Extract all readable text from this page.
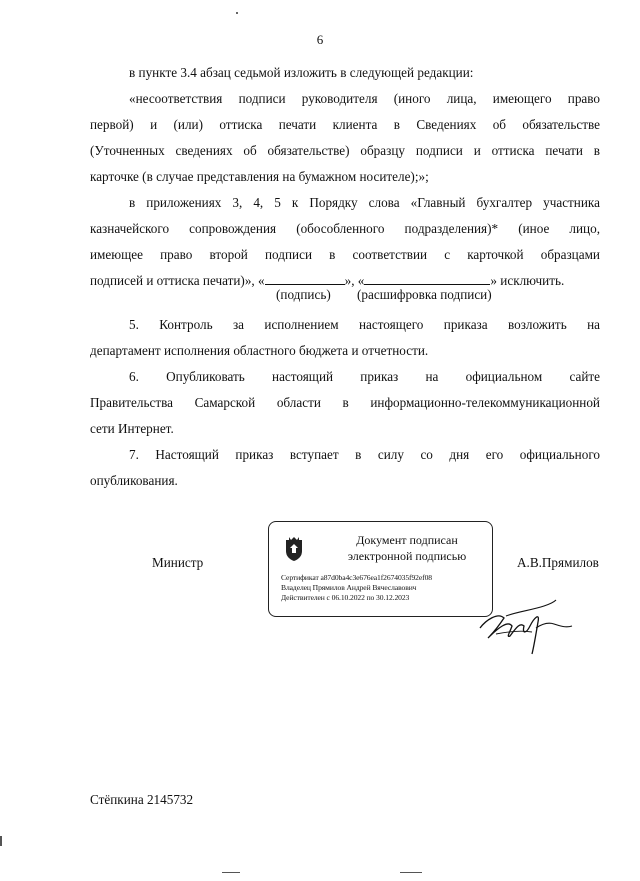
6
в пункте 3.4 абзац седьмой изложить в следующей редакции:
«несоответствия подписи руководителя (иного лица, имеющего право
первой) и (или) оттиска печати клиента в Сведениях об обязательстве
(Уточненных сведениях об обязательстве) образцу подписи и оттиска печати в
карточке (в случае представления на бумажном носителе);»;
в приложениях 3, 4, 5 к Порядку слова «Главный бухгалтер участника
казначейского сопровождения (обособленного подразделения)* (иное лицо,
имеющее право второй подписи в соответствии с карточкой образцами
подписей и оттиска печати)», «	», «	» исключить.
(подпись) (расшифровка подписи)
5. Контроль за исполнением настоящего приказа возложить на
департамент исполнения областного бюджета и отчетности.
6. Опубликовать настоящий приказ на официальном сайте
Правительства Самарской области в информационно-телекоммуникационной
сети Интернет.
7. Настоящий приказ вступает в силу со дня его официального
опубликования.
Министр
Документ подписан
электронной подписью
Сертификат a87d0ba4c3e676ea1f2674035f92ef08
Владелец Прямилов Андрей Вячеславович
Действителен с 06.10.2022 по 30.12.2023
А.В.Прямилов
Стёпкина 2145732
